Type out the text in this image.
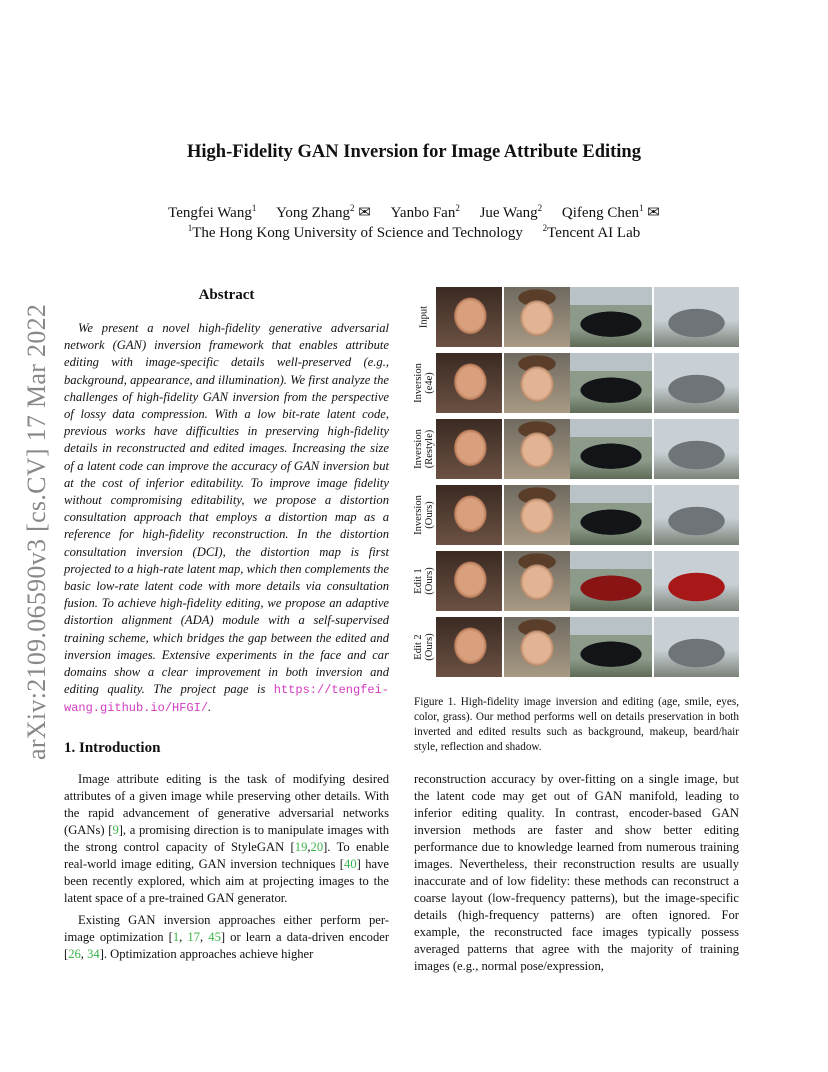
High-Fidelity GAN Inversion for Image Attribute Editing
Tengfei Wang$^1$ Yong Zhang$^2$ ✉ Yanbo Fan$^2$ Jue Wang$^2$ Qifeng Chen$^1$ ✉
$^1$The Hong Kong University of Science and Technology $^2$Tencent AI Lab
arXiv:2109.06590v3 [cs.CV] 17 Mar 2022
Abstract

We present a novel high-fidelity generative adversarial network (GAN) inversion framework that enables attribute editing with image-specific details well-preserved (e.g., background, appearance, and illumination). We first analyze the challenges of high-fidelity GAN inversion from the perspective of lossy data compression. With a low bit-rate latent code, previous works have difficulties in preserving high-fidelity details in reconstructed and edited images. Increasing the size of a latent code can improve the accuracy of GAN inversion but at the cost of inferior editability. To improve image fidelity without compromising editability, we propose a distortion consultation approach that employs a distortion map as a reference for high-fidelity reconstruction. In the distortion consultation inversion (DCI), the distortion map is first projected to a high-rate latent map, which then complements the basic low-rate latent code with more details via consultation fusion. To achieve high-fidelity editing, we propose an adaptive distortion alignment (ADA) module with a self-supervised training scheme, which bridges the gap between the edited and inversion images. Extensive experiments in the face and car domains show a clear improvement in both inversion and editing quality. The project page is https://tengfei-wang.github.io/HFGI/.

Input
Inversion (e4e)
Inversion (Restyle)
Inversion (Ours)
Edit 1 (Ours)
Edit 2 (Ours)
Figure 1. High-fidelity image inversion and editing (age, smile, eyes, color, grass). Our method performs well on details preservation in both inverted and edited results such as background, makeup, beard/hair style, reflection and shadow.
1. Introduction

Image attribute editing is the task of modifying desired attributes of a given image while preserving other details. With the rapid advancement of generative adversarial networks (GANs) [9], a promising direction is to manipulate images with the strong control capacity of StyleGAN [19,20]. To enable real-world image editing, GAN inversion techniques [40] have been recently explored, which aim at projecting images to the latent space of a pre-trained GAN generator.

Existing GAN inversion approaches either perform per-image optimization [1, 17, 45] or learn a data-driven encoder [26, 34]. Optimization approaches achieve higher

reconstruction accuracy by over-fitting on a single image, but the latent code may get out of GAN manifold, leading to inferior editing quality. In contrast, encoder-based GAN inversion methods are faster and show better editing performance due to knowledge learned from numerous training images. Nevertheless, their reconstruction results are usually inaccurate and of low fidelity: these methods can reconstruct a coarse layout (low-frequency patterns), but the image-specific details (high-frequency patterns) are often ignored. For example, the reconstructed face images typically possess averaged patterns that agree with the majority of training images (e.g., normal pose/expression,
